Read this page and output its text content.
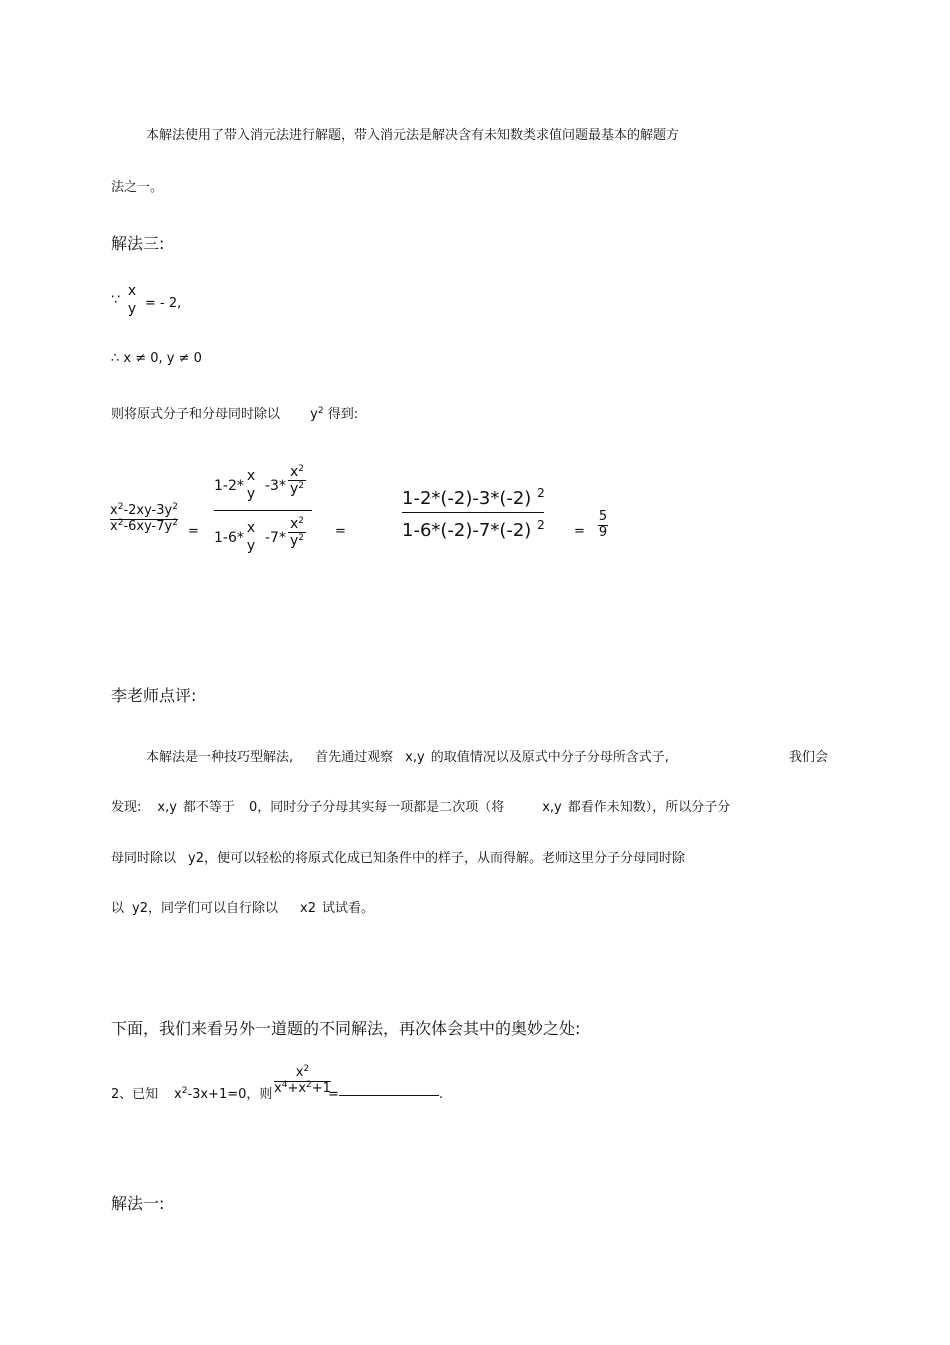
本解法使用了带入消元法进行解题，带入消元法是解决含有未知数类求值问题最基本的解题方
法之一。
解法三:
∵
x
y = - 2,
∴ x ≠ 0, y ≠ 0
则将原式分子和分母同时除以 $y^2$ 得到:
$x^2-2xy-3y^2$
$x^2-6xy-7y^2$
=
1-2*
x
y
-3*
$x^2$
$y^2$
1-6*
x
y
-7*
$x^2$
$y^2$ =
1-2*(-2)-3*(-2) $^2$
1-6*(-2)-7*(-2) $^2$ =
5
9
李老师点评:
本解法是一种技巧型解法, 首先通过观察 x,y 的取值情况以及原式中分子分母所含式子,	我们会
发现: x,y 都不等于 0，同时分子分母其实每一项都是二次项（将	x,y 都看作未知数），所以分子分
母同时除以 y2，便可以轻松的将原式化成已知条件中的样子，从而得解。老师这里分子分母同时除
以 y2，同学们可以自行除以 x2 试试看。
下面，我们来看另外一道题的不同解法，再次体会其中的奥妙之处:
2、已知 $x^2-3x+1=0$，则
$x^2$
$x^4+x^2+1$
=	.
解法一:
